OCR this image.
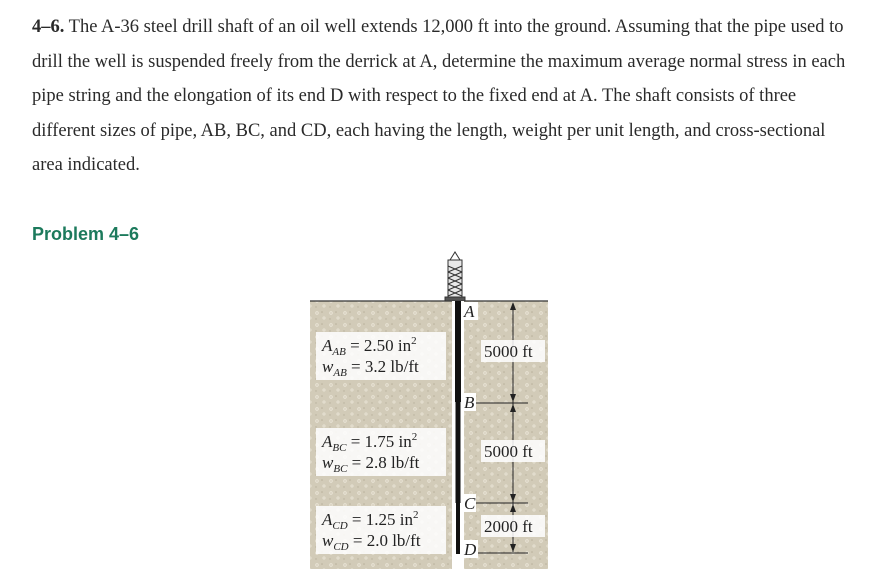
4–6. The A-36 steel drill shaft of an oil well extends 12,000 ft into the ground. Assuming that the pipe used to drill the well is suspended freely from the derrick at A, determine the maximum average normal stress in each pipe string and the elongation of its end D with respect to the fixed end at A. The shaft consists of three different sizes of pipe, AB, BC, and CD, each having the length, weight per unit length, and cross-sectional area indicated.
Problem 4–6
A
B
C
D
5000 ft
5000 ft
2000 ft
$A_{AB} = 2.50$ $in^2$
$w_{AB} = 3.2$ lb/ft
$A_{BC} = 1.75$ $in^2$
$w_{BC} = 2.8$ lb/ft
$A_{CD} = 1.25$ $in^2$
$w_{CD} = 2.0$ lb/ft
